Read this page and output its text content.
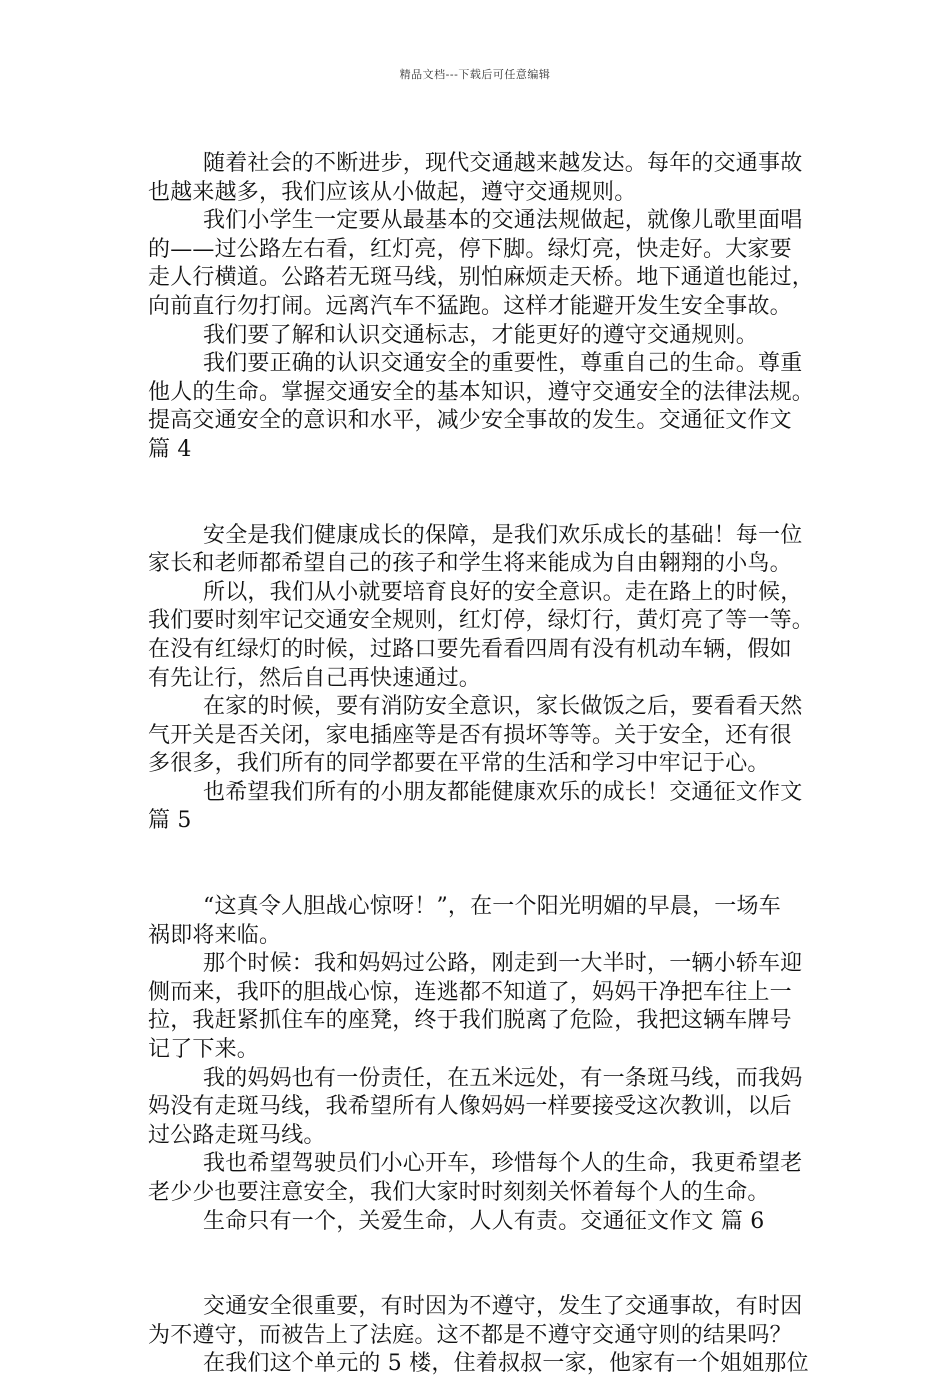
精品文档---下载后可任意编辑
随着社会的不断进步，现代交通越来越发达。每年的交通事故
也越来越多，我们应该从小做起，遵守交通规则。
我们小学生一定要从最基本的交通法规做起，就像儿歌里面唱
的——过公路左右看，红灯亮，停下脚。绿灯亮，快走好。大家要
走人行横道。公路若无斑马线，别怕麻烦走天桥。地下通道也能过，
向前直行勿打闹。远离汽车不猛跑。这样才能避开发生安全事故。
我们要了解和认识交通标志，才能更好的遵守交通规则。
我们要正确的认识交通安全的重要性，尊重自己的生命。尊重
他人的生命。掌握交通安全的基本知识，遵守交通安全的法律法规。
提高交通安全的意识和水平，减少安全事故的发生。交通征文作文
篇 4
安全是我们健康成长的保障，是我们欢乐成长的基础！每一位
家长和老师都希望自己的孩子和学生将来能成为自由翱翔的小鸟。
所以，我们从小就要培育良好的安全意识。走在路上的时候，
我们要时刻牢记交通安全规则，红灯停，绿灯行，黄灯亮了等一等。
在没有红绿灯的时候，过路口要先看看四周有没有机动车辆，假如
有先让行，然后自己再快速通过。
在家的时候，要有消防安全意识，家长做饭之后，要看看天然
气开关是否关闭，家电插座等是否有损坏等等。关于安全，还有很
多很多，我们所有的同学都要在平常的生活和学习中牢记于心。
也希望我们所有的小朋友都能健康欢乐的成长！交通征文作文
篇 5
“这真令人胆战心惊呀！”，在一个阳光明媚的早晨，一场车
祸即将来临。
那个时候：我和妈妈过公路，刚走到一大半时，一辆小轿车迎
侧而来，我吓的胆战心惊，连逃都不知道了，妈妈干净把车往上一
拉，我赶紧抓住车的座凳，终于我们脱离了危险，我把这辆车牌号
记了下来。
我的妈妈也有一份责任，在五米远处，有一条斑马线，而我妈
妈没有走斑马线，我希望所有人像妈妈一样要接受这次教训，以后
过公路走斑马线。
我也希望驾驶员们小心开车，珍惜每个人的生命，我更希望老
老少少也要注意安全，我们大家时时刻刻关怀着每个人的生命。
生命只有一个，关爱生命，人人有责。交通征文作文 篇 6
交通安全很重要，有时因为不遵守，发生了交通事故，有时因
为不遵守，而被告上了法庭。这不都是不遵守交通守则的结果吗？
在我们这个单元的 5 楼，住着叔叔一家，他家有一个姐姐那位
